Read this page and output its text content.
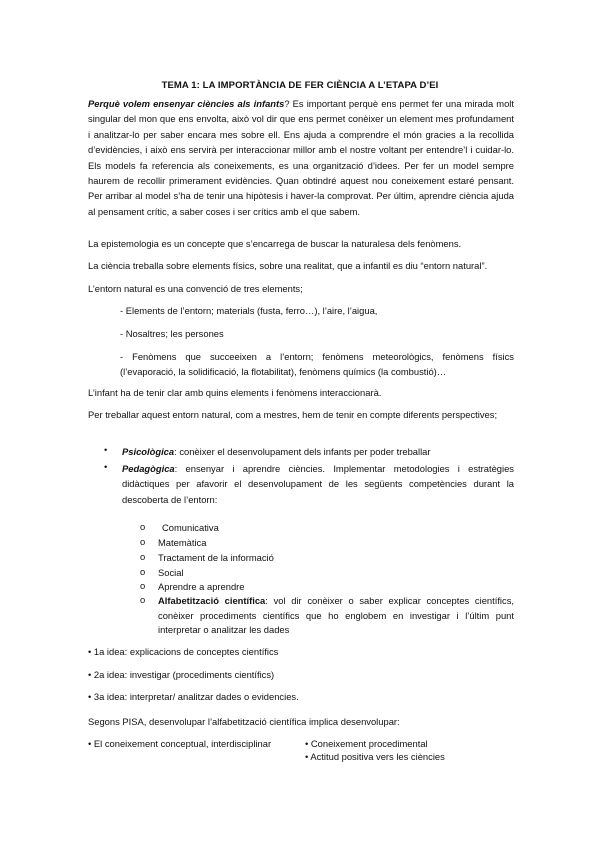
TEMA 1: LA IMPORTÀNCIA DE FER CIÈNCIA A L’ETAPA D’EI
Perquè volem ensenyar ciències als infants? Es important perquè ens permet fer una mirada molt singular del mon que ens envolta, això vol dir que ens permet conèixer un element mes profundament i analitzar-lo per saber encara mes sobre ell. Ens ajuda a comprendre el món gracies a la recollida d’evidències, i això ens servirà per interaccionar millor amb el nostre voltant per entendre’l i cuidar-lo. Els models fa referencia als coneixements, es una organització d’idees. Per fer un model sempre haurem de recollir primerament evidències. Quan obtindré aquest nou coneixement estaré pensant. Per arribar al model s’ha de tenir una hipòtesis i haver-la comprovat. Per últim, aprendre ciència ajuda al pensament crític, a saber coses i ser crítics amb el que sabem.
La epistemologia es un concepte que s’encarrega de buscar la naturalesa dels fenòmens.
La ciència treballa sobre elements físics, sobre una realitat, que a infantil es diu “entorn natural”.
L’entorn natural es una convenció de tres elements;
- Elements de l’entorn; materials (fusta, ferro…), l’aire, l’aigua,
- Nosaltres; les persones
- Fenòmens que succeeixen a l’entorn; fenòmens meteorològics, fenòmens físics (l’evaporació, la solidificació, la flotabilitat), fenòmens químics (la combustió)…
L’infant ha de tenir clar amb quins elements i fenòmens interaccionarà.
Per treballar aquest entorn natural, com a mestres, hem de tenir en compte diferents perspectives;
• Psicològica: conèixer el desenvolupament dels infants per poder treballar
• Pedagògica: ensenyar i aprendre ciències. Implementar metodologies i estratègies didàctiques per afavorir el desenvolupament de les següents competències durant la descoberta de l’entorn:
o	Comunicativa
o Matemàtica
o Tractament de la informació
o Social
o Aprendre a aprendre
o Alfabetització científica: vol dir conèixer o saber explicar conceptes científics, conèixer procediments científics que ho englobem en investigar i l’últim punt interpretar o analitzar les dades
• 1a idea: explicacions de conceptes científics
• 2a idea: investigar (procediments científics)
• 3a idea: interpretar/ analitzar dades o evidencies.
Segons PISA, desenvolupar l’alfabetització científica implica desenvolupar:
• El coneixement conceptual, interdisciplinar	• Coneixement procedimental
• Actitud positiva vers les ciències
